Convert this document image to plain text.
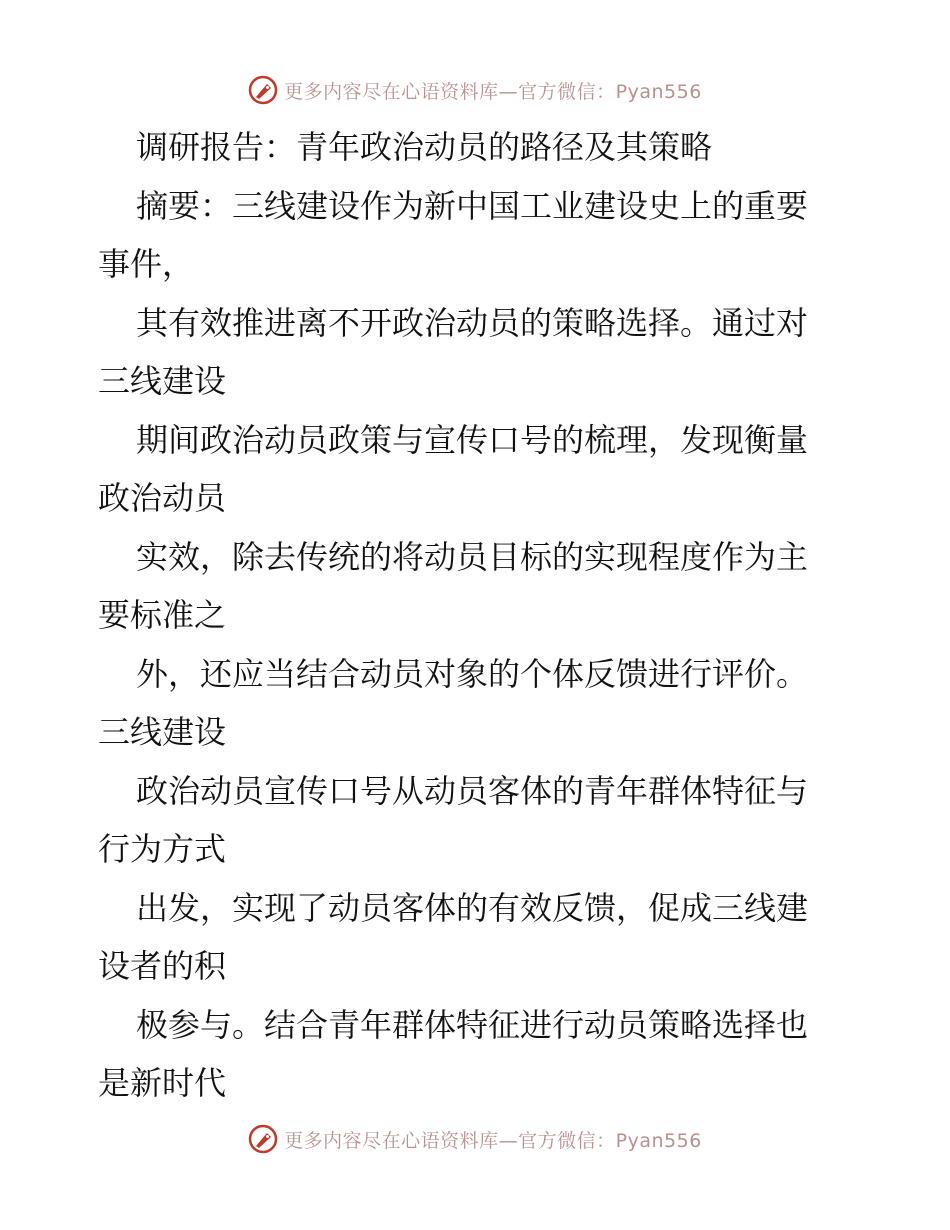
更多内容尽在心语资料库—官方微信：Pyan556
调研报告：青年政治动员的路径及其策略
摘要：三线建设作为新中国工业建设史上的重要
事件，
其有效推进离不开政治动员的策略选择。通过对
三线建设
期间政治动员政策与宣传口号的梳理，发现衡量
政治动员
实效，除去传统的将动员目标的实现程度作为主
要标准之
外，还应当结合动员对象的个体反馈进行评价。
三线建设
政治动员宣传口号从动员客体的青年群体特征与
行为方式
出发，实现了动员客体的有效反馈，促成三线建
设者的积
极参与。结合青年群体特征进行动员策略选择也
是新时代
更多内容尽在心语资料库—官方微信：Pyan556
